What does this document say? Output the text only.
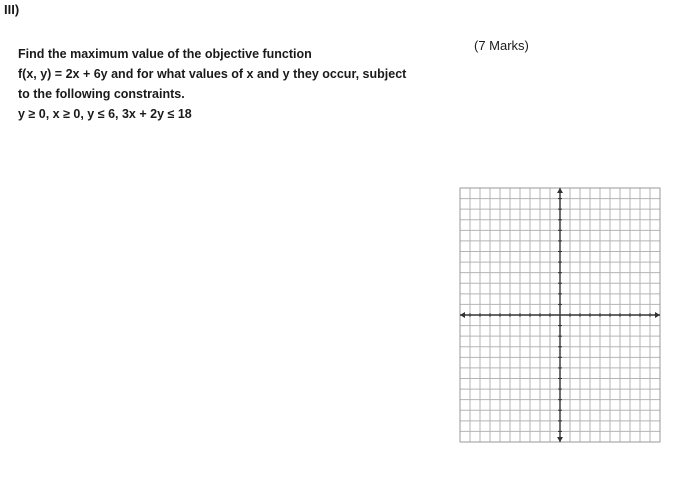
III)
(7 Marks)
Find the maximum value of the objective function
f(x, y) = 2x + 6y and for what values of x and y they occur, subject
to the following constraints.
y ≥ 0, x ≥ 0, y ≤ 6, 3x + 2y ≤ 18
